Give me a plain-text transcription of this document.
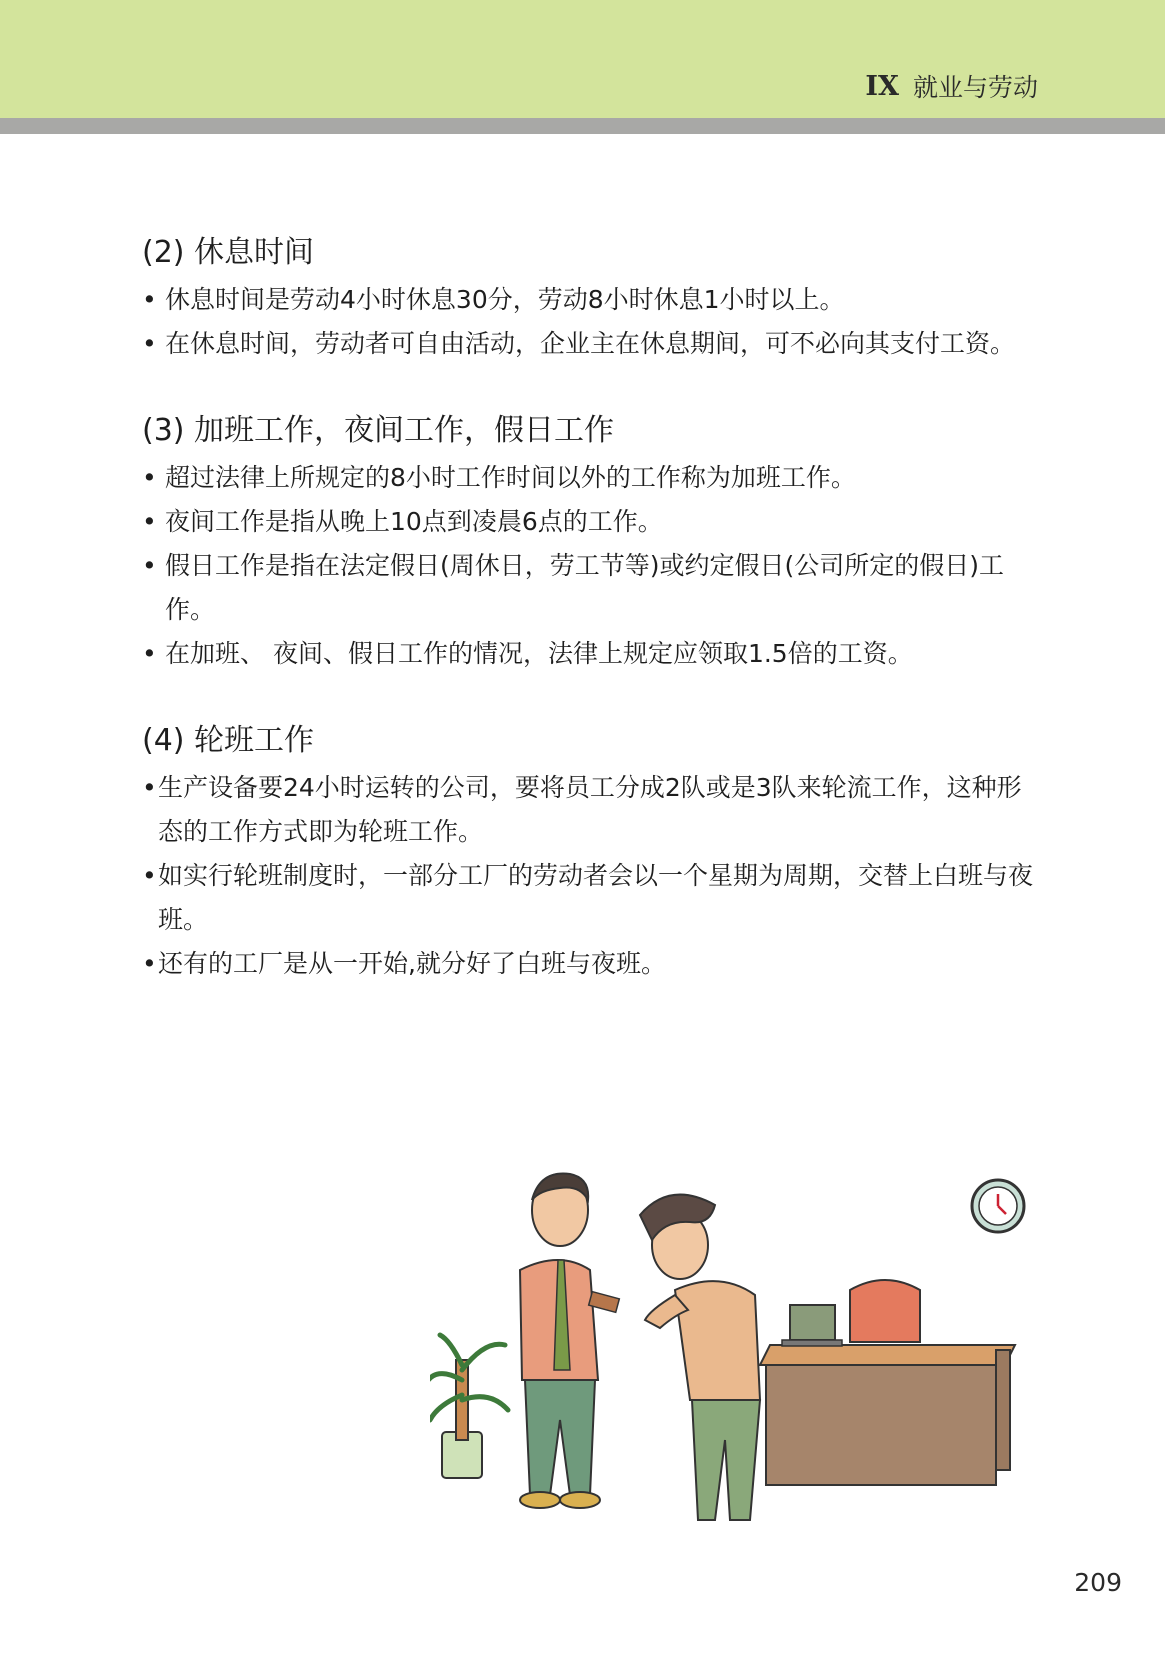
IX 就业与劳动
(2) 休息时间
• 休息时间是劳动4小时休息30分，劳动8小时休息1小时以上。
• 在休息时间，劳动者可自由活动，企业主在休息期间，可不必向其支付工资。
(3) 加班工作，夜间工作，假日工作
• 超过法律上所规定的8小时工作时间以外的工作称为加班工作。
• 夜间工作是指从晚上10点到凌晨6点的工作。
• 假日工作是指在法定假日(周休日，劳工节等)或约定假日(公司所定的假日)工作。
• 在加班、 夜间、假日工作的情况，法律上规定应领取1.5倍的工资。
(4) 轮班工作
• 生产设备要24小时运转的公司，要将员工分成2队或是3队来轮流工作，这种形态的工作方式即为轮班工作。
• 如实行轮班制度时，一部分工厂的劳动者会以一个星期为周期，交替上白班与夜班。
• 还有的工厂是从一开始,就分好了白班与夜班。
209
